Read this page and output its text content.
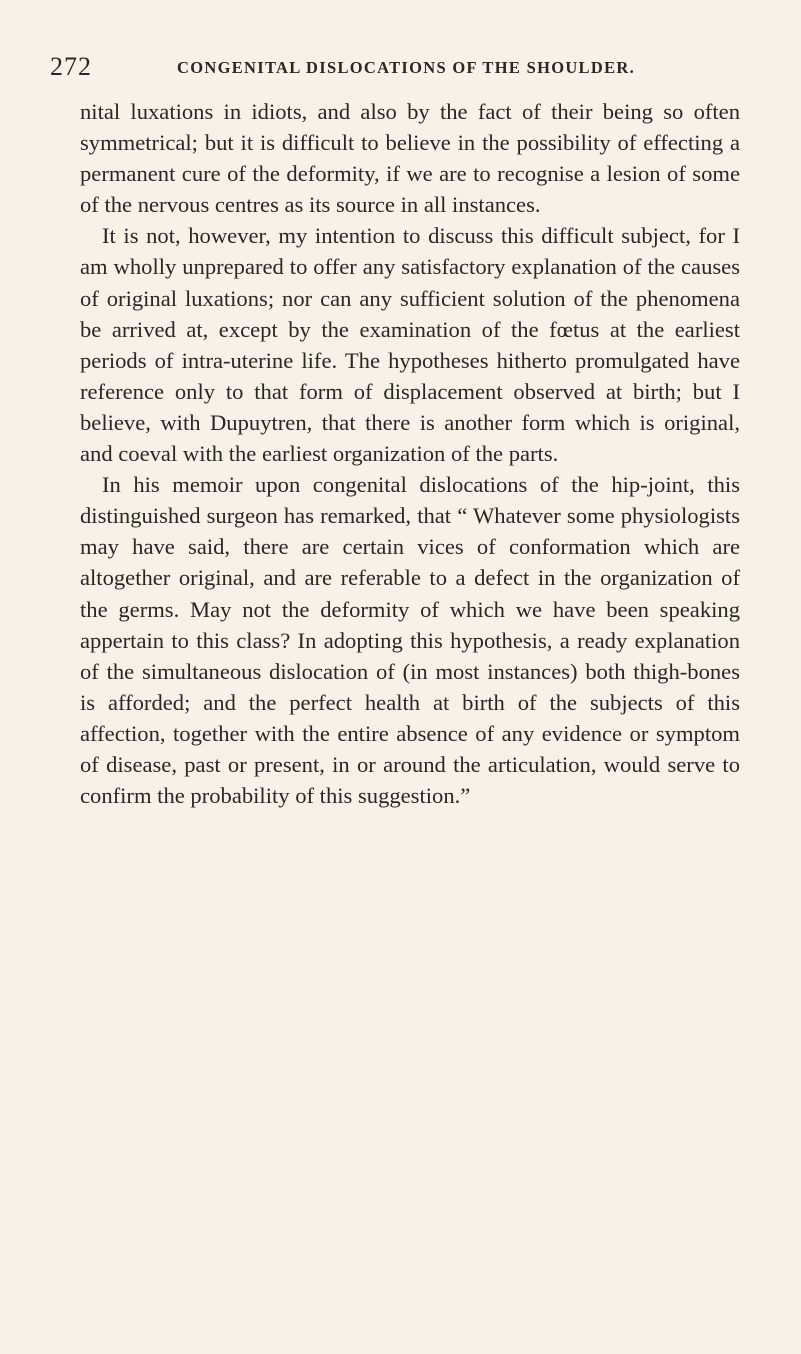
272	CONGENITAL DISLOCATIONS OF THE SHOULDER.

nital luxations in idiots, and also by the fact of their being so often symmetrical; but it is difficult to believe in the possibility of effecting a permanent cure of the deformity, if we are to recognise a lesion of some of the nervous centres as its source in all instances.

It is not, however, my intention to discuss this difficult subject, for I am wholly unprepared to offer any satisfactory explanation of the causes of original luxations; nor can any sufficient solution of the phenomena be arrived at, except by the examination of the fœtus at the earliest periods of intra-uterine life. The hypotheses hitherto promulgated have reference only to that form of displacement observed at birth; but I believe, with Dupuytren, that there is another form which is original, and coeval with the earliest organization of the parts.

In his memoir upon congenital dislocations of the hip-joint, this distinguished surgeon has remarked, that “ Whatever some physiologists may have said, there are certain vices of conformation which are altogether original, and are referable to a defect in the organization of the germs. May not the deformity of which we have been speaking appertain to this class? In adopting this hypothesis, a ready explanation of the simultaneous dislocation of (in most instances) both thigh-bones is afforded; and the perfect health at birth of the subjects of this affection, together with the entire absence of any evidence or symptom of disease, past or present, in or around the articulation, would serve to confirm the probability of this suggestion.”
